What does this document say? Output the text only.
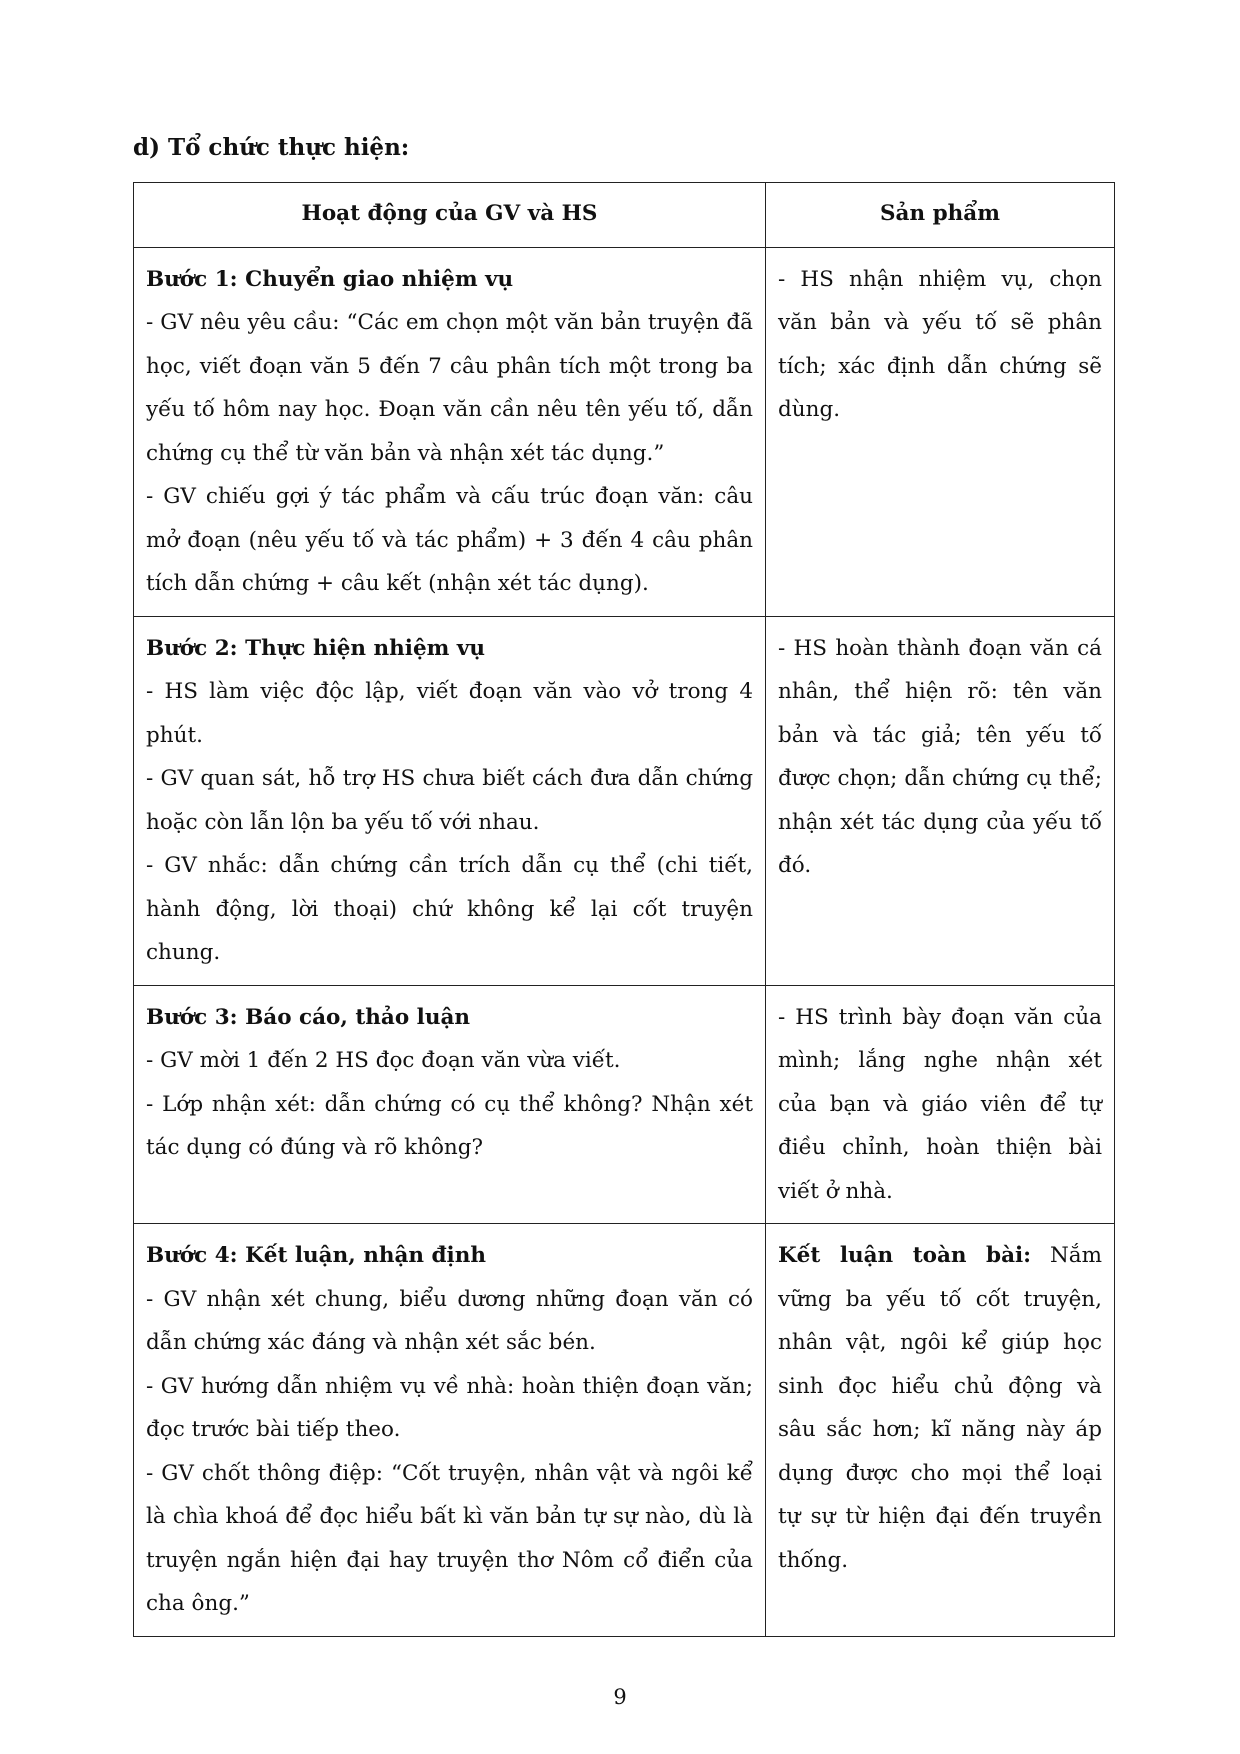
d) Tổ chức thực hiện:
Hoạt động của GV và HS	Sản phẩm

Bước 1: Chuyển giao nhiệm vụ
- GV nêu yêu cầu: “Các em chọn một văn bản truyện đã học, viết đoạn văn 5 đến 7 câu phân tích một trong ba yếu tố hôm nay học. Đoạn văn cần nêu tên yếu tố, dẫn chứng cụ thể từ văn bản và nhận xét tác dụng.”
- GV chiếu gợi ý tác phẩm và cấu trúc đoạn văn: câu mở đoạn (nêu yếu tố và tác phẩm) + 3 đến 4 câu phân tích dẫn chứng + câu kết (nhận xét tác dụng).	- HS nhận nhiệm vụ, chọn văn bản và yếu tố sẽ phân tích; xác định dẫn chứng sẽ dùng.

Bước 2: Thực hiện nhiệm vụ
- HS làm việc độc lập, viết đoạn văn vào vở trong 4 phút.
- GV quan sát, hỗ trợ HS chưa biết cách đưa dẫn chứng hoặc còn lẫn lộn ba yếu tố với nhau.
- GV nhắc: dẫn chứng cần trích dẫn cụ thể (chi tiết, hành động, lời thoại) chứ không kể lại cốt truyện chung.	- HS hoàn thành đoạn văn cá nhân, thể hiện rõ: tên văn bản và tác giả; tên yếu tố được chọn; dẫn chứng cụ thể; nhận xét tác dụng của yếu tố đó.

Bước 3: Báo cáo, thảo luận
- GV mời 1 đến 2 HS đọc đoạn văn vừa viết.
- Lớp nhận xét: dẫn chứng có cụ thể không? Nhận xét tác dụng có đúng và rõ không?	- HS trình bày đoạn văn của mình; lắng nghe nhận xét của bạn và giáo viên để tự điều chỉnh, hoàn thiện bài viết ở nhà.

Bước 4: Kết luận, nhận định
- GV nhận xét chung, biểu dương những đoạn văn có dẫn chứng xác đáng và nhận xét sắc bén.
- GV hướng dẫn nhiệm vụ về nhà: hoàn thiện đoạn văn; đọc trước bài tiếp theo.
- GV chốt thông điệp: “Cốt truyện, nhân vật và ngôi kể là chìa khoá để đọc hiểu bất kì văn bản tự sự nào, dù là truyện ngắn hiện đại hay truyện thơ Nôm cổ điển của cha ông.”	Kết luận toàn bài: Nắm vững ba yếu tố cốt truyện, nhân vật, ngôi kể giúp học sinh đọc hiểu chủ động và sâu sắc hơn; kĩ năng này áp dụng được cho mọi thể loại tự sự từ hiện đại đến truyền thống.
9
